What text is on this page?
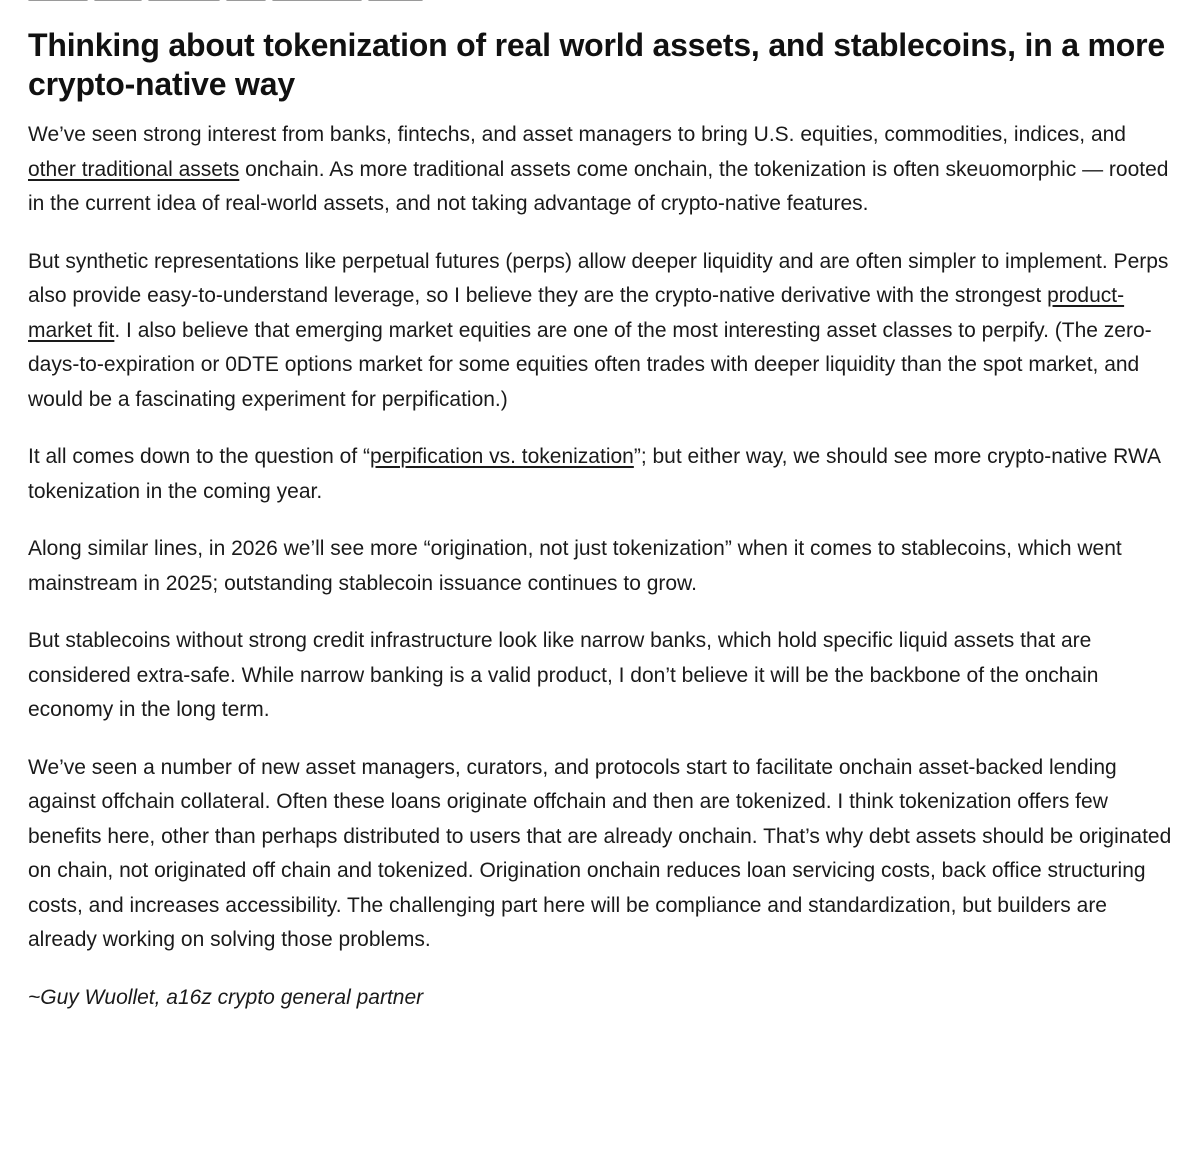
Thinking about tokenization of real world assets, and stablecoins, in a more crypto-native way

We’ve seen strong interest from banks, fintechs, and asset managers to bring U.S. equities, commodities, indices, and other traditional assets onchain. As more traditional assets come onchain, the tokenization is often skeuomorphic — rooted in the current idea of real-world assets, and not taking advantage of crypto-native features.

But synthetic representations like perpetual futures (perps) allow deeper liquidity and are often simpler to implement. Perps also provide easy-to-understand leverage, so I believe they are the crypto-native derivative with the strongest product-market fit. I also believe that emerging market equities are one of the most interesting asset classes to perpify. (The zero-days-to-expiration or 0DTE options market for some equities often trades with deeper liquidity than the spot market, and would be a fascinating experiment for perpification.)

It all comes down to the question of “perpification vs. tokenization”; but either way, we should see more crypto-native RWA tokenization in the coming year.

Along similar lines, in 2026 we’ll see more “origination, not just tokenization” when it comes to stablecoins, which went mainstream in 2025; outstanding stablecoin issuance continues to grow.

But stablecoins without strong credit infrastructure look like narrow banks, which hold specific liquid assets that are considered extra-safe. While narrow banking is a valid product, I don’t believe it will be the backbone of the onchain economy in the long term.

We’ve seen a number of new asset managers, curators, and protocols start to facilitate onchain asset-backed lending against offchain collateral. Often these loans originate offchain and then are tokenized. I think tokenization offers few benefits here, other than perhaps distributed to users that are already onchain. That’s why debt assets should be originated on chain, not originated off chain and tokenized. Origination onchain reduces loan servicing costs, back office structuring costs, and increases accessibility. The challenging part here will be compliance and standardization, but builders are already working on solving those problems.

~Guy Wuollet, a16z crypto general partner
